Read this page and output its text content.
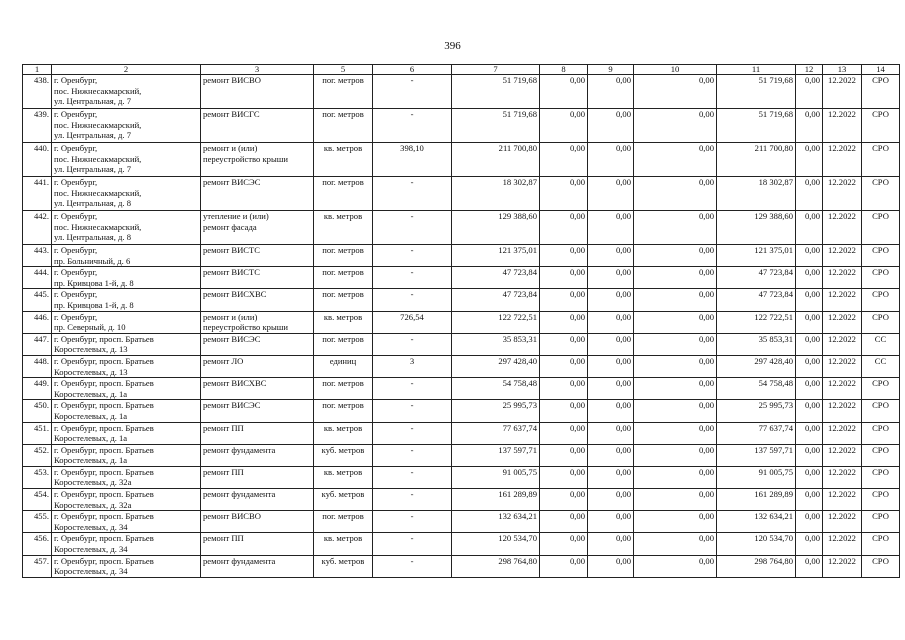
396
1	2	3	5	6	7	8	9	10	11	12	13	14
438.	г. Оренбург,
пос. Нижнесакмарский,
ул. Центральная, д. 7	ремонт ВИСВО	пог. метров	-	51 719,68	0,00	0,00	0,00	51 719,68	0,00	12.2022	СРО
439.	г. Оренбург,
пос. Нижнесакмарский,
ул. Центральная, д. 7	ремонт ВИСГС	пог. метров	-	51 719,68	0,00	0,00	0,00	51 719,68	0,00	12.2022	СРО
440.	г. Оренбург,
пос. Нижнесакмарский,
ул. Центральная, д. 7	ремонт и (или)
переустройство крыши	кв. метров	398,10	211 700,80	0,00	0,00	0,00	211 700,80	0,00	12.2022	СРО
441.	г. Оренбург,
пос. Нижнесакмарский,
ул. Центральная, д. 8	ремонт ВИСЭС	пог. метров	-	18 302,87	0,00	0,00	0,00	18 302,87	0,00	12.2022	СРО
442.	г. Оренбург,
пос. Нижнесакмарский,
ул. Центральная, д. 8	утепление и (или)
ремонт фасада	кв. метров	-	129 388,60	0,00	0,00	0,00	129 388,60	0,00	12.2022	СРО
443.	г. Оренбург,
пр. Больничный, д. 6	ремонт ВИСТС	пог. метров	-	121 375,01	0,00	0,00	0,00	121 375,01	0,00	12.2022	СРО
444.	г. Оренбург,
пр. Кривцова 1-й, д. 8	ремонт ВИСТС	пог. метров	-	47 723,84	0,00	0,00	0,00	47 723,84	0,00	12.2022	СРО
445.	г. Оренбург,
пр. Кривцова 1-й, д. 8	ремонт ВИСХВС	пог. метров	-	47 723,84	0,00	0,00	0,00	47 723,84	0,00	12.2022	СРО
446.	г. Оренбург,
пр. Северный, д. 10	ремонт и (или)
переустройство крыши	кв. метров	726,54	122 722,51	0,00	0,00	0,00	122 722,51	0,00	12.2022	СРО
447.	г. Оренбург, просп. Братьев
Коростелевых, д. 13	ремонт ВИСЭС	пог. метров	-	35 853,31	0,00	0,00	0,00	35 853,31	0,00	12.2022	СС
448.	г. Оренбург, просп. Братьев
Коростелевых, д. 13	ремонт ЛО	единиц	3	297 428,40	0,00	0,00	0,00	297 428,40	0,00	12.2022	СС
449.	г. Оренбург, просп. Братьев
Коростелевых, д. 1а	ремонт ВИСХВС	пог. метров	-	54 758,48	0,00	0,00	0,00	54 758,48	0,00	12.2022	СРО
450.	г. Оренбург, просп. Братьев
Коростелевых, д. 1а	ремонт ВИСЭС	пог. метров	-	25 995,73	0,00	0,00	0,00	25 995,73	0,00	12.2022	СРО
451.	г. Оренбург, просп. Братьев
Коростелевых, д. 1а	ремонт ПП	кв. метров	-	77 637,74	0,00	0,00	0,00	77 637,74	0,00	12.2022	СРО
452.	г. Оренбург, просп. Братьев
Коростелевых, д. 1а	ремонт фундамента	куб. метров	-	137 597,71	0,00	0,00	0,00	137 597,71	0,00	12.2022	СРО
453.	г. Оренбург, просп. Братьев
Коростелевых, д. 32а	ремонт ПП	кв. метров	-	91 005,75	0,00	0,00	0,00	91 005,75	0,00	12.2022	СРО
454.	г. Оренбург, просп. Братьев
Коростелевых, д. 32а	ремонт фундамента	куб. метров	-	161 289,89	0,00	0,00	0,00	161 289,89	0,00	12.2022	СРО
455.	г. Оренбург, просп. Братьев
Коростелевых, д. 34	ремонт ВИСВО	пог. метров	-	132 634,21	0,00	0,00	0,00	132 634,21	0,00	12.2022	СРО
456.	г. Оренбург, просп. Братьев
Коростелевых, д. 34	ремонт ПП	кв. метров	-	120 534,70	0,00	0,00	0,00	120 534,70	0,00	12.2022	СРО
457.	г. Оренбург, просп. Братьев
Коростелевых, д. 34	ремонт фундамента	куб. метров	-	298 764,80	0,00	0,00	0,00	298 764,80	0,00	12.2022	СРО
